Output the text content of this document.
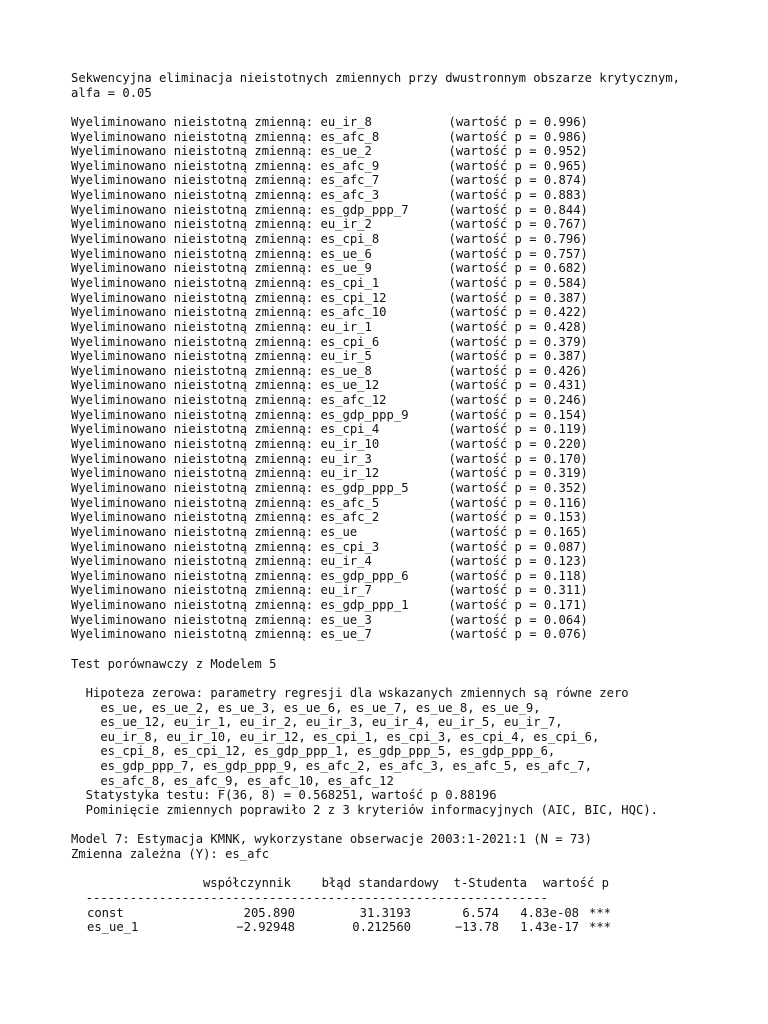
Sekwencyjna eliminacja nieistotnych zmiennych przy dwustronnym obszarze krytycznym,
alfa = 0.05
Wyeliminowano nieistotną zmienną: eu_ir_8	(wartość p = 0.996)
Wyeliminowano nieistotną zmienną: es_afc_8	(wartość p = 0.986)
Wyeliminowano nieistotną zmienną: es_ue_2	(wartość p = 0.952)
Wyeliminowano nieistotną zmienną: es_afc_9	(wartość p = 0.965)
Wyeliminowano nieistotną zmienną: es_afc_7	(wartość p = 0.874)
Wyeliminowano nieistotną zmienną: es_afc_3	(wartość p = 0.883)
Wyeliminowano nieistotną zmienną: es_gdp_ppp_7	(wartość p = 0.844)
Wyeliminowano nieistotną zmienną: eu_ir_2	(wartość p = 0.767)
Wyeliminowano nieistotną zmienną: es_cpi_8	(wartość p = 0.796)
Wyeliminowano nieistotną zmienną: es_ue_6	(wartość p = 0.757)
Wyeliminowano nieistotną zmienną: es_ue_9	(wartość p = 0.682)
Wyeliminowano nieistotną zmienną: es_cpi_1	(wartość p = 0.584)
Wyeliminowano nieistotną zmienną: es_cpi_12	(wartość p = 0.387)
Wyeliminowano nieistotną zmienną: es_afc_10	(wartość p = 0.422)
Wyeliminowano nieistotną zmienną: eu_ir_1	(wartość p = 0.428)
Wyeliminowano nieistotną zmienną: es_cpi_6	(wartość p = 0.379)
Wyeliminowano nieistotną zmienną: eu_ir_5	(wartość p = 0.387)
Wyeliminowano nieistotną zmienną: es_ue_8	(wartość p = 0.426)
Wyeliminowano nieistotną zmienną: es_ue_12	(wartość p = 0.431)
Wyeliminowano nieistotną zmienną: es_afc_12	(wartość p = 0.246)
Wyeliminowano nieistotną zmienną: es_gdp_ppp_9	(wartość p = 0.154)
Wyeliminowano nieistotną zmienną: es_cpi_4	(wartość p = 0.119)
Wyeliminowano nieistotną zmienną: eu_ir_10	(wartość p = 0.220)
Wyeliminowano nieistotną zmienną: eu_ir_3	(wartość p = 0.170)
Wyeliminowano nieistotną zmienną: eu_ir_12	(wartość p = 0.319)
Wyeliminowano nieistotną zmienną: es_gdp_ppp_5	(wartość p = 0.352)
Wyeliminowano nieistotną zmienną: es_afc_5	(wartość p = 0.116)
Wyeliminowano nieistotną zmienną: es_afc_2	(wartość p = 0.153)
Wyeliminowano nieistotną zmienną: es_ue	(wartość p = 0.165)
Wyeliminowano nieistotną zmienną: es_cpi_3	(wartość p = 0.087)
Wyeliminowano nieistotną zmienną: eu_ir_4	(wartość p = 0.123)
Wyeliminowano nieistotną zmienną: es_gdp_ppp_6	(wartość p = 0.118)
Wyeliminowano nieistotną zmienną: eu_ir_7	(wartość p = 0.311)
Wyeliminowano nieistotną zmienną: es_gdp_ppp_1	(wartość p = 0.171)
Wyeliminowano nieistotną zmienną: es_ue_3	(wartość p = 0.064)
Wyeliminowano nieistotną zmienną: es_ue_7	(wartość p = 0.076)
Test porównawczy z Modelem 5
Hipoteza zerowa: parametry regresji dla wskazanych zmiennych są równe zero
es_ue, es_ue_2, es_ue_3, es_ue_6, es_ue_7, es_ue_8, es_ue_9,
es_ue_12, eu_ir_1, eu_ir_2, eu_ir_3, eu_ir_4, eu_ir_5, eu_ir_7,
eu_ir_8, eu_ir_10, eu_ir_12, es_cpi_1, es_cpi_3, es_cpi_4, es_cpi_6,
es_cpi_8, es_cpi_12, es_gdp_ppp_1, es_gdp_ppp_5, es_gdp_ppp_6,
es_gdp_ppp_7, es_gdp_ppp_9, es_afc_2, es_afc_3, es_afc_5, es_afc_7,
es_afc_8, es_afc_9, es_afc_10, es_afc_12
Statystyka testu: F(36, 8) = 0.568251, wartość p 0.88196
Pominięcie zmiennych poprawiło 2 z 3 kryteriów informacyjnych (AIC, BIC, HQC).
Model 7: Estymacja KMNK, wykorzystane obserwacje 2003:1-2021:1 (N = 73)
Zmienna zależna (Y): es_afc
współczynnik	błąd standardowy t-Studenta wartość p
---------------------------------------------------------------
const	205.890	31.3193	6.574 4.83e-08 ***
es_ue_1	−2.92948	0.212560	−13.78 1.43e-17 ***
